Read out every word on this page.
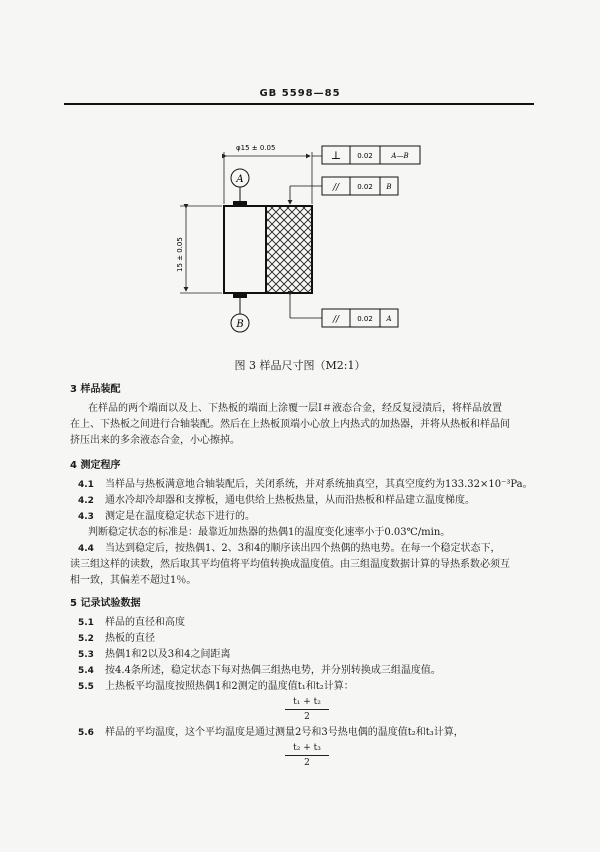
GB 5598—85
φ15 ± 0.05
15 ± 0.05
A
B
⊥ 0.02	A—B
//	0.02 B
//	0.02 A
图 3 样品尺寸图（M2:1）
3 样品装配
在样品的两个端面以及上、下热板的端面上涂覆一层Ⅰ＃液态合金，经反复浸渍后，将样品放置
在上、下热板之间进行合轴装配。然后在上热板顶端小心放上内热式的加热器，并将从热板和样品间
挤压出来的多余液态合金，小心擦掉。
4 测定程序
4.1 当样品与热板满意地合轴装配后，关闭系统，并对系统抽真空，其真空度约为133.32×10⁻³Pa。
4.2 通水冷却冷却器和支撑板，通电供给上热板热量，从而沿热板和样品建立温度梯度。
4.3 测定是在温度稳定状态下进行的。
判断稳定状态的标准是：最靠近加热器的热偶1的温度变化速率小于0.03℃/min。
4.4 当达到稳定后，按热偶1、2、3和4的顺序读出四个热偶的热电势。在每一个稳定状态下，
读三组这样的读数，然后取其平均值将平均值转换成温度值。由三组温度数据计算的导热系数必须互
相一致，其偏差不超过1％。
5 记录试验数据
5.1 样品的直径和高度
5.2 热板的直径
5.3 热偶1和2以及3和4之间距离
5.4 按4.4条所述，稳定状态下每对热偶三组热电势，并分别转换成三组温度值。
5.5 上热板平均温度按照热偶1和2测定的温度值t₁和t₂计算：
t₁ + t₂
2
5.6 样品的平均温度，这个平均温度是通过测量2号和3号热电偶的温度值t₂和t₃计算，
t₂ + t₃
2
